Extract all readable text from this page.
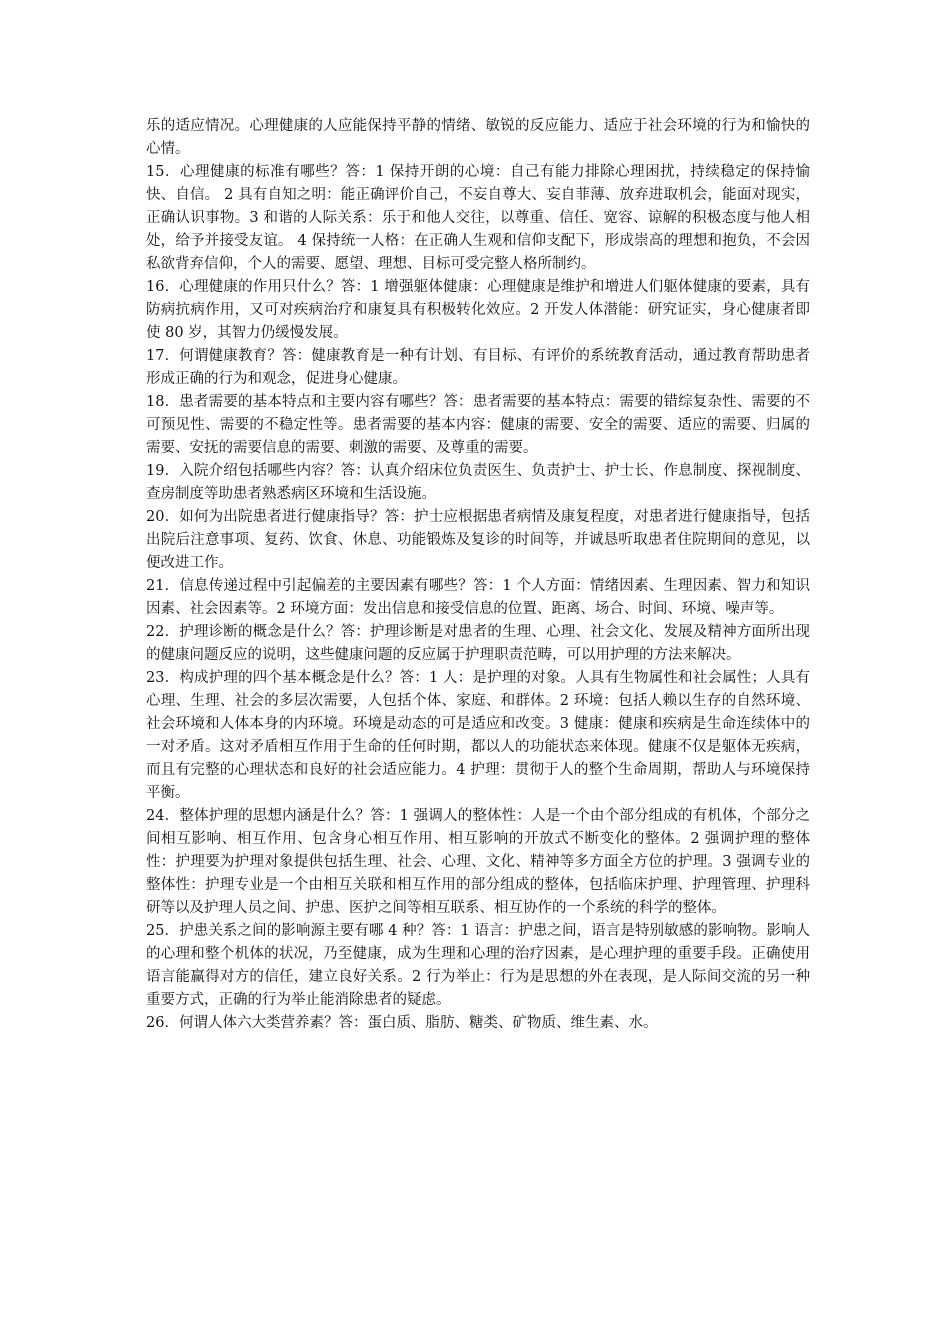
乐的适应情况。心理健康的人应能保持平静的情绪、敏锐的反应能力、适应于社会环境的行为和愉快的心情。

15．心理健康的标准有哪些？答：1 保持开朗的心境：自己有能力排除心理困扰，持续稳定的保持愉快、自信。 2 具有自知之明：能正确评价自己，不妄自尊大、妄自菲薄、放弃进取机会，能面对现实，正确认识事物。3 和谐的人际关系：乐于和他人交往，以尊重、信任、宽容、谅解的积极态度与他人相处，给予并接受友谊。 4 保持统一人格：在正确人生观和信仰支配下，形成崇高的理想和抱负，不会因私欲背弃信仰，个人的需要、愿望、理想、目标可受完整人格所制约。

16．心理健康的作用只什么？答：1 增强躯体健康：心理健康是维护和增进人们躯体健康的要素，具有防病抗病作用，又可对疾病治疗和康复具有积极转化效应。2 开发人体潜能：研究证实，身心健康者即使 80 岁，其智力仍缓慢发展。

17．何谓健康教育？答：健康教育是一种有计划、有目标、有评价的系统教育活动，通过教育帮助患者形成正确的行为和观念，促进身心健康。

18．患者需要的基本特点和主要内容有哪些？答：患者需要的基本特点：需要的错综复杂性、需要的不可预见性、需要的不稳定性等。患者需要的基本内容：健康的需要、安全的需要、适应的需要、归属的需要、安抚的需要信息的需要、刺激的需要、及尊重的需要。

19．入院介绍包括哪些内容？答：认真介绍床位负责医生、负责护士、护士长、作息制度、探视制度、查房制度等助患者熟悉病区环境和生活设施。

20．如何为出院患者进行健康指导？答：护士应根据患者病情及康复程度，对患者进行健康指导，包括出院后注意事项、复药、饮食、休息、功能锻炼及复诊的时间等，并诚恳听取患者住院期间的意见，以便改进工作。

21．信息传递过程中引起偏差的主要因素有哪些？答：1 个人方面：情绪因素、生理因素、智力和知识因素、社会因素等。2 环境方面：发出信息和接受信息的位置、距离、场合、时间、环境、噪声等。

22．护理诊断的概念是什么？答：护理诊断是对患者的生理、心理、社会文化、发展及精神方面所出现的健康问题反应的说明，这些健康问题的反应属于护理职责范畴，可以用护理的方法来解决。

23．构成护理的四个基本概念是什么？答：1 人：是护理的对象。人具有生物属性和社会属性；人具有心理、生理、社会的多层次需要，人包括个体、家庭、和群体。2 环境：包括人赖以生存的自然环境、社会环境和人体本身的内环境。环境是动态的可是适应和改变。3 健康：健康和疾病是生命连续体中的一对矛盾。这对矛盾相互作用于生命的任何时期，都以人的功能状态来体现。健康不仅是躯体无疾病，而且有完整的心理状态和良好的社会适应能力。4 护理：贯彻于人的整个生命周期，帮助人与环境保持平衡。

24．整体护理的思想内涵是什么？答：1 强调人的整体性：人是一个由个部分组成的有机体，个部分之间相互影响、相互作用、包含身心相互作用、相互影响的开放式不断变化的整体。2 强调护理的整体性：护理要为护理对象提供包括生理、社会、心理、文化、精神等多方面全方位的护理。3 强调专业的整体性：护理专业是一个由相互关联和相互作用的部分组成的整体，包括临床护理、护理管理、护理科研等以及护理人员之间、护患、医护之间等相互联系、相互协作的一个系统的科学的整体。

25．护患关系之间的影响源主要有哪 4 种？答：1 语言：护患之间，语言是特别敏感的影响物。影响人的心理和整个机体的状况，乃至健康，成为生理和心理的治疗因素，是心理护理的重要手段。正确使用语言能赢得对方的信任，建立良好关系。2 行为举止：行为是思想的外在表现，是人际间交流的另一种重要方式，正确的行为举止能消除患者的疑虑。

26．何谓人体六大类营养素？答：蛋白质、脂肪、糖类、矿物质、维生素、水。
